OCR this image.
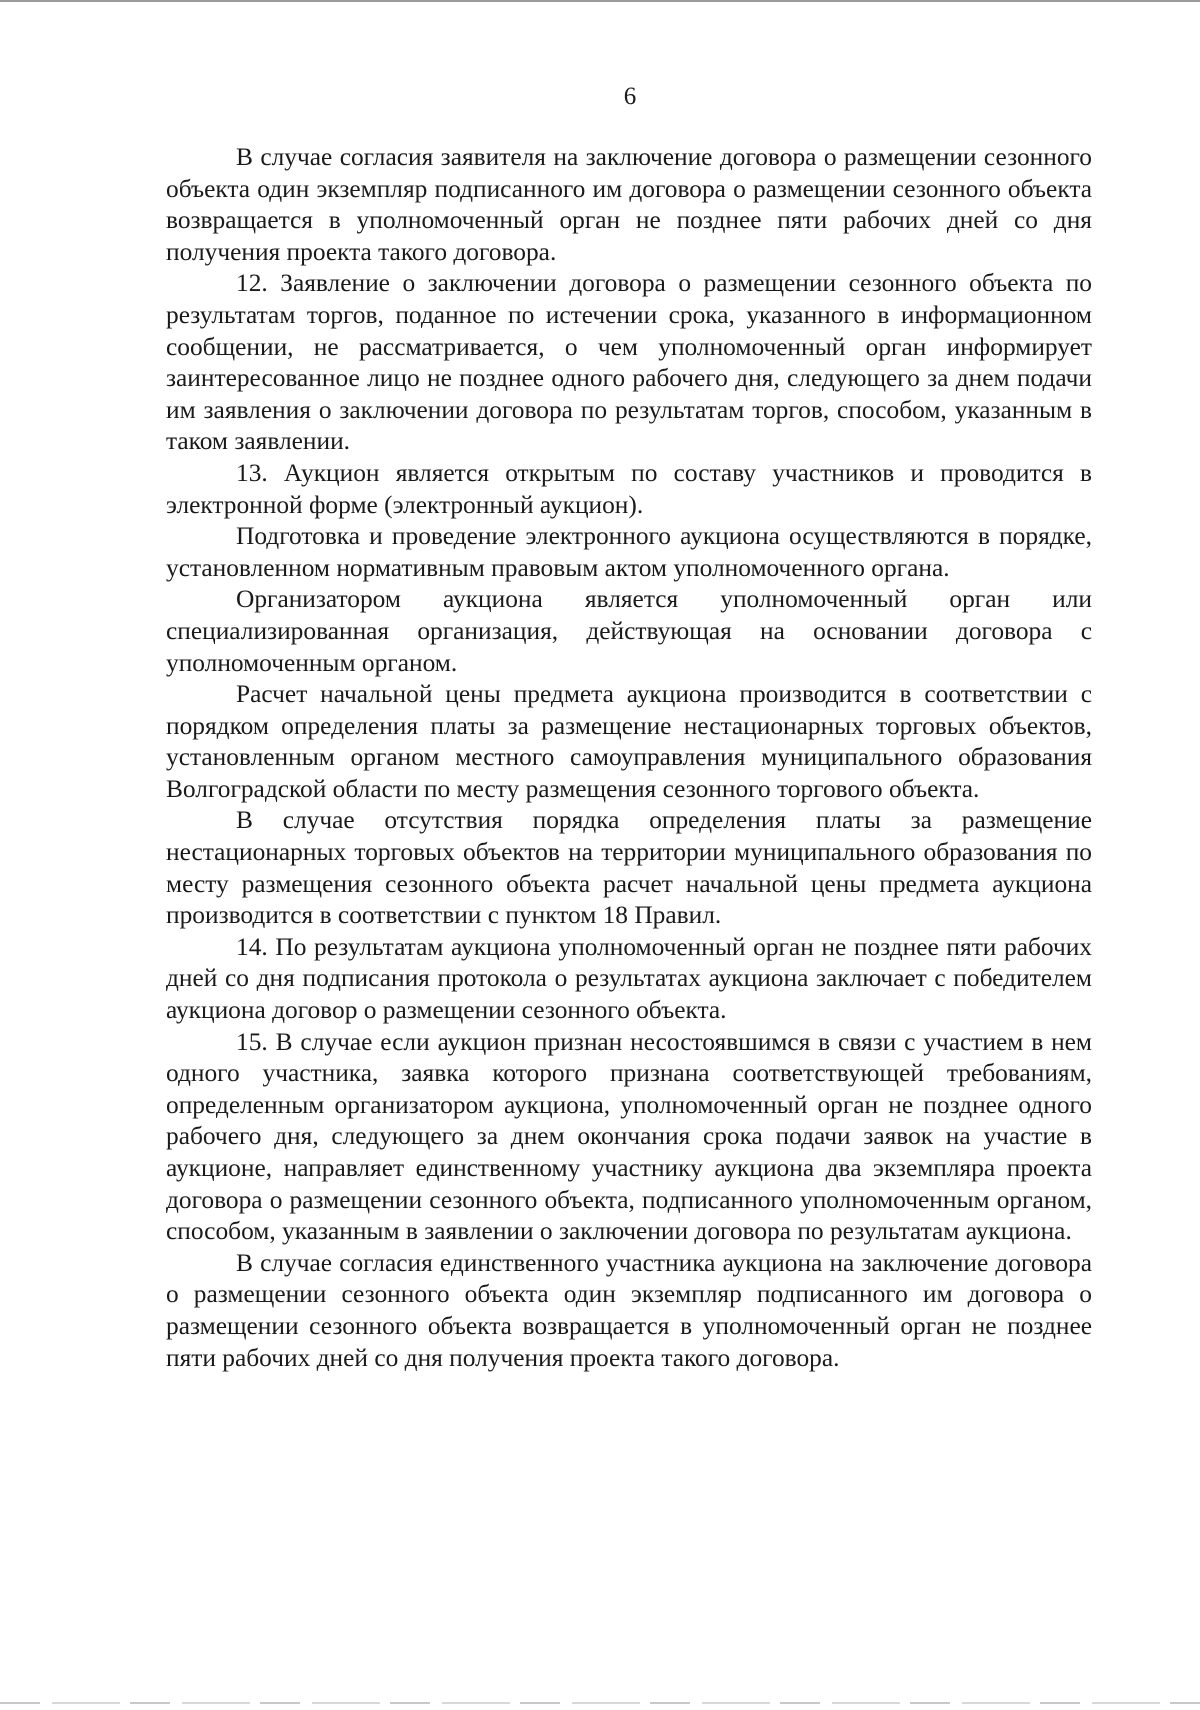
6

В случае согласия заявителя на заключение договора о размещении сезонного объекта один экземпляр подписанного им договора о размещении сезонного объекта возвращается в уполномоченный орган не позднее пяти рабочих дней со дня получения проекта такого договора.

12. Заявление о заключении договора о размещении сезонного объекта по результатам торгов, поданное по истечении срока, указанного в информационном сообщении, не рассматривается, о чем уполномоченный орган информирует заинтересованное лицо не позднее одного рабочего дня, следующего за днем подачи им заявления о заключении договора по результатам торгов, способом, указанным в таком заявлении.

13. Аукцион является открытым по составу участников и проводится в электронной форме (электронный аукцион).

Подготовка и проведение электронного аукциона осуществляются в порядке, установленном нормативным правовым актом уполномоченного органа.

Организатором аукциона является уполномоченный орган или специализированная организация, действующая на основании договора с уполномоченным органом.

Расчет начальной цены предмета аукциона производится в соответствии с порядком определения платы за размещение нестационарных торговых объектов, установленным органом местного самоуправления муниципального образования Волгоградской области по месту размещения сезонного торгового объекта.

В случае отсутствия порядка определения платы за размещение нестационарных торговых объектов на территории муниципального образования по месту размещения сезонного объекта расчет начальной цены предмета аукциона производится в соответствии с пунктом 18 Правил.

14. По результатам аукциона уполномоченный орган не позднее пяти рабочих дней со дня подписания протокола о результатах аукциона заключает с победителем аукциона договор о размещении сезонного объекта.

15. В случае если аукцион признан несостоявшимся в связи с участием в нем одного участника, заявка которого признана соответствующей требованиям, определенным организатором аукциона, уполномоченный орган не позднее одного рабочего дня, следующего за днем окончания срока подачи заявок на участие в аукционе, направляет единственному участнику аукциона два экземпляра проекта договора о размещении сезонного объекта, подписанного уполномоченным органом, способом, указанным в заявлении о заключении договора по результатам аукциона.

В случае согласия единственного участника аукциона на заключение договора о размещении сезонного объекта один экземпляр подписанного им договора о размещении сезонного объекта возвращается в уполномоченный орган не позднее пяти рабочих дней со дня получения проекта такого договора.
